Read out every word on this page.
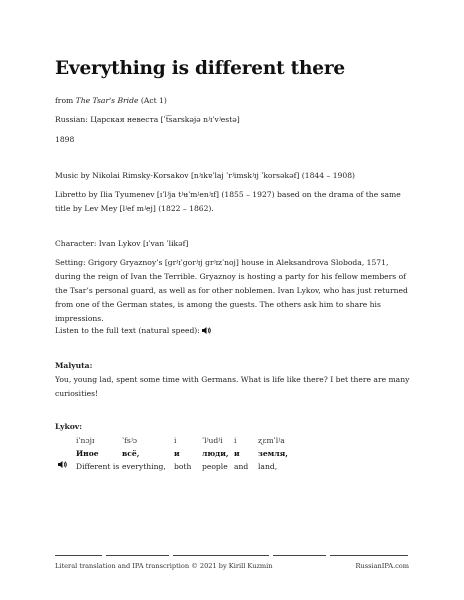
Everything is different there
from The Tsar's Bride (Act 1)
Russian: Царская невеста [ˈt͡sarskəjə nʲɪˈvʲestə]
1898
Music by Nikolai Rimsky-Korsakov [nʲɪkɐˈlaj ˈrʲimskʲɪj ˈkorsəkəf] (1844 – 1908)
Libretto by Ilia Tyumenev [ɪˈlʲja tʲʉˈmʲenʲɪf] (1855 – 1927) based on the drama of the same title by Lev Mey [lʲef mʲej] (1822 – 1862).
Character: Ivan Lykov [ɪˈvan ˈlɨkəf]
Setting: Grigory Gryaznoy’s [ɡrʲɪˈɡorʲɪj ɡrʲɪzˈnoj] house in Aleksandrova Sloboda, 1571, during the reign of Ivan the Terrible. Gryaznoy is hosting a party for his fellow members of the Tsar’s personal guard, as well as for other noblemen. Ivan Lykov, who has just returned from one of the German states, is among the guests. The others ask him to share his impressions.
Listen to the full text (natural speed):
Malyuta:
You, young lad, spent some time with Germans. What is life like there? I bet there are many curiosities!
Lykov:
iˈnɔjɪ
Иное
Different is
ˈfsʲɔ
всё,
everything,
i
и
both
ˈlʲudʲi
люди,
people
i
и
and
ʐɛmˈlʲa
земля,
land,
Literal translation and IPA transcription © 2021 by Kirill Kuzmin	RussianIPA.com
